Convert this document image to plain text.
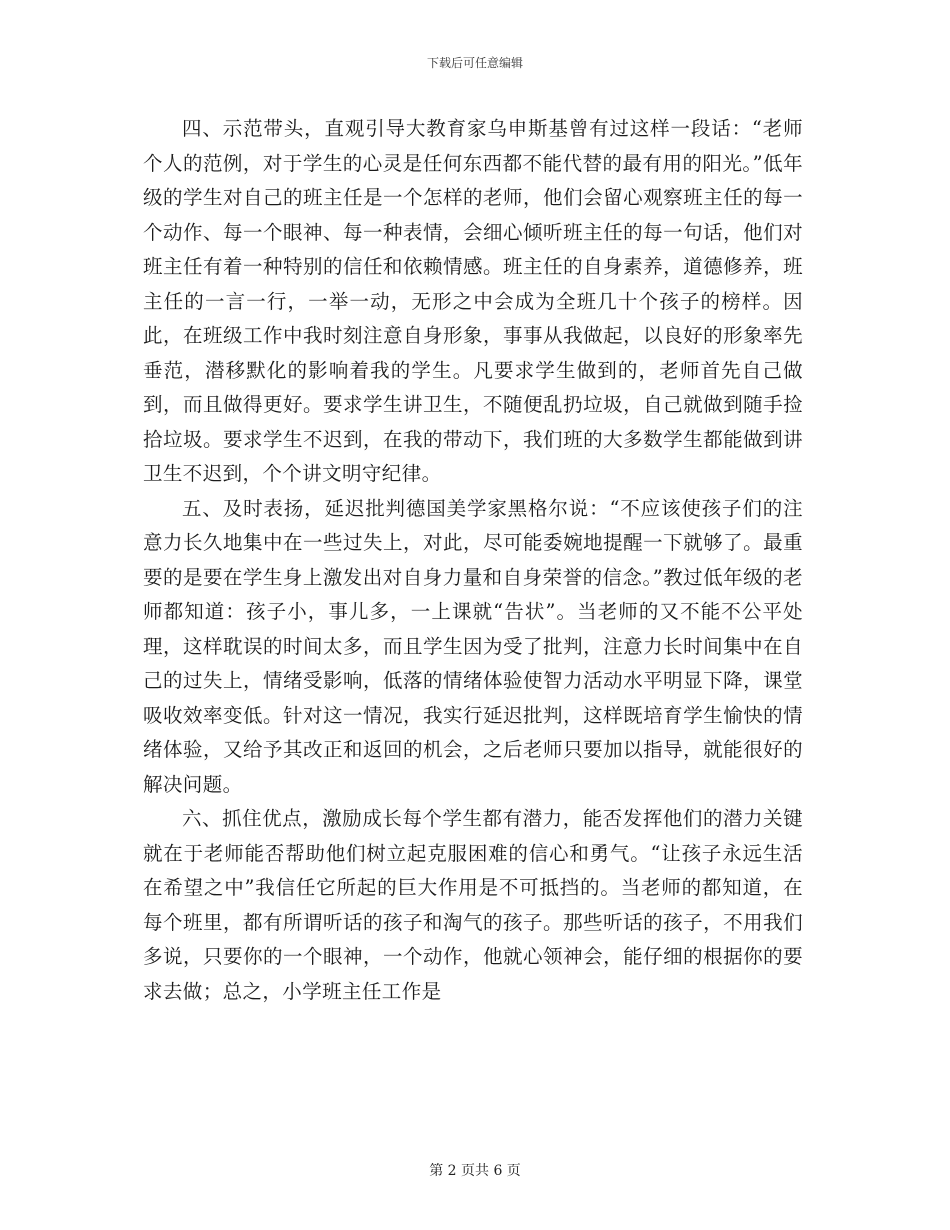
下载后可任意编辑

四、示范带头，直观引导大教育家乌申斯基曾有过这样一段话：“老师个人的范例，对于学生的心灵是任何东西都不能代替的最有用的阳光。”低年级的学生对自己的班主任是一个怎样的老师，他们会留心观察班主任的每一个动作、每一个眼神、每一种表情，会细心倾听班主任的每一句话，他们对班主任有着一种特别的信任和依赖情感。班主任的自身素养，道德修养，班主任的一言一行，一举一动，无形之中会成为全班几十个孩子的榜样。因此，在班级工作中我时刻注意自身形象，事事从我做起，以良好的形象率先垂范，潜移默化的影响着我的学生。凡要求学生做到的，老师首先自己做到，而且做得更好。要求学生讲卫生，不随便乱扔垃圾，自己就做到随手捡拾垃圾。要求学生不迟到，在我的带动下，我们班的大多数学生都能做到讲卫生不迟到，个个讲文明守纪律。

五、及时表扬，延迟批判德国美学家黑格尔说：“不应该使孩子们的注意力长久地集中在一些过失上，对此，尽可能委婉地提醒一下就够了。最重要的是要在学生身上激发出对自身力量和自身荣誉的信念。”教过低年级的老师都知道：孩子小，事儿多，一上课就“告状”。当老师的又不能不公平处理，这样耽误的时间太多，而且学生因为受了批判，注意力长时间集中在自己的过失上，情绪受影响，低落的情绪体验使智力活动水平明显下降，课堂吸收效率变低。针对这一情况，我实行延迟批判，这样既培育学生愉快的情绪体验，又给予其改正和返回的机会，之后老师只要加以指导，就能很好的解决问题。

六、抓住优点，激励成长每个学生都有潜力，能否发挥他们的潜力关键就在于老师能否帮助他们树立起克服困难的信心和勇气。“让孩子永远生活在希望之中”我信任它所起的巨大作用是不可抵挡的。当老师的都知道，在每个班里，都有所谓听话的孩子和淘气的孩子。那些听话的孩子，不用我们多说，只要你的一个眼神，一个动作，他就心领神会，能仔细的根据你的要求去做；总之，小学班主任工作是

第 2 页共 6 页
